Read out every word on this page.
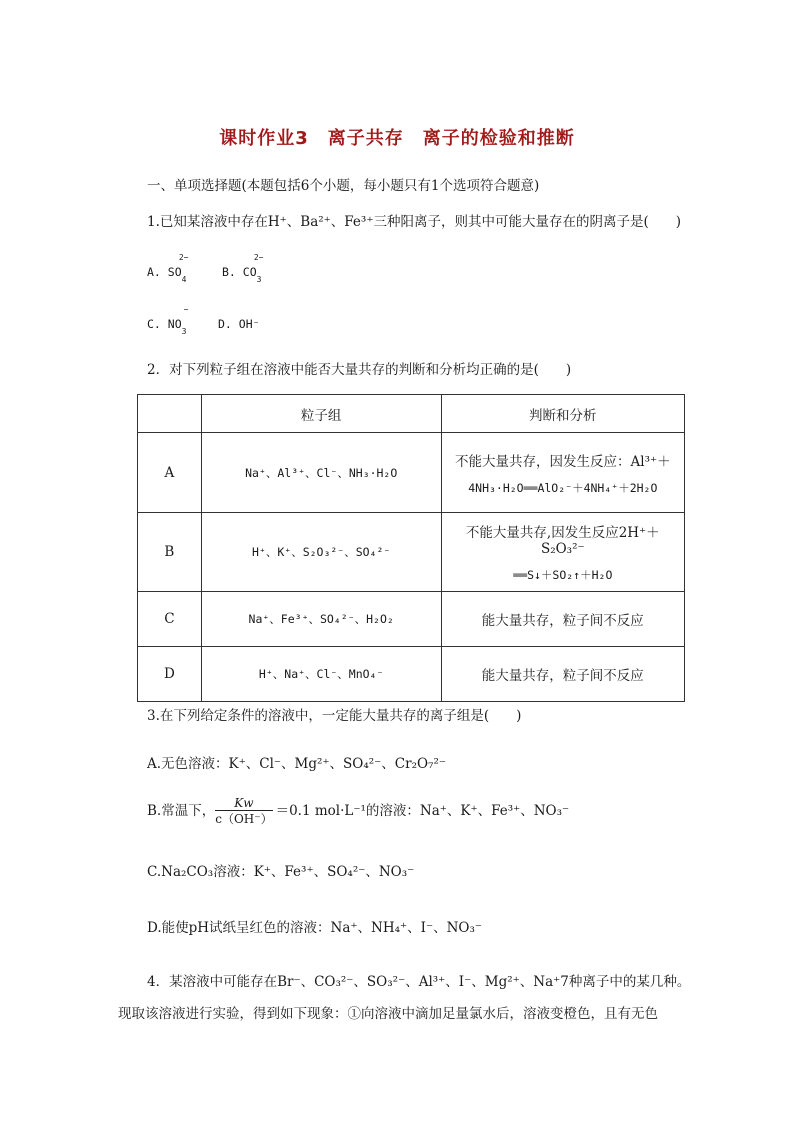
课时作业3　离子共存　离子的检验和推断
一、单项选择题(本题包括6个小题，每小题只有1个选项符合题意)
1.已知某溶液中存在H⁺、Ba²⁺、Fe³⁺三种阳离子，则其中可能大量存在的阴离子是(　　)
A. $SO_4$
2−
B. $CO_3$
2−
C. $NO_3$
−
D. OH⁻
2．对下列粒子组在溶液中能否大量共存的判断和分析均正确的是(　　)
	粒子组	判断和分析
A	Na⁺、Al³⁺、Cl⁻、NH₃·H₂O	不能大量共存，因发生反应：Al³⁺＋
4NH₃·H₂O══AlO₂⁻＋4NH₄⁺＋2H₂O

B	H⁺、K⁺、S₂O₃²⁻、SO₄²⁻	不能大量共存,因发生反应2H⁺＋S₂O₃²⁻
══S↓＋SO₂↑＋H₂O

C	Na⁺、Fe³⁺、SO₄²⁻、H₂O₂	能大量共存，粒子间不反应
D	H⁺、Na⁺、Cl⁻、MnO₄⁻	能大量共存，粒子间不反应
3.在下列给定条件的溶液中，一定能大量共存的离子组是(　　)
A.无色溶液：K⁺、Cl⁻、Mg²⁺、SO₄²⁻、Cr₂O₇²⁻
B.常温下， $\frac{Kw}{c(OH^-)} =0.1$ mol·L⁻¹的溶液：Na⁺、K⁺、Fe³⁺、NO₃⁻
C.Na₂CO₃溶液：K⁺、Fe³⁺、SO₄²⁻、NO₃⁻
D.能使pH试纸呈红色的溶液：Na⁺、NH₄⁺、I⁻、NO₃⁻
4．某溶液中可能存在Br⁻、CO₃²⁻、SO₃²⁻、Al³⁺、I⁻、Mg²⁺、Na⁺7种离子中的某几种。
现取该溶液进行实验，得到如下现象：①向溶液中滴加足量氯水后，溶液变橙色，且有无色
